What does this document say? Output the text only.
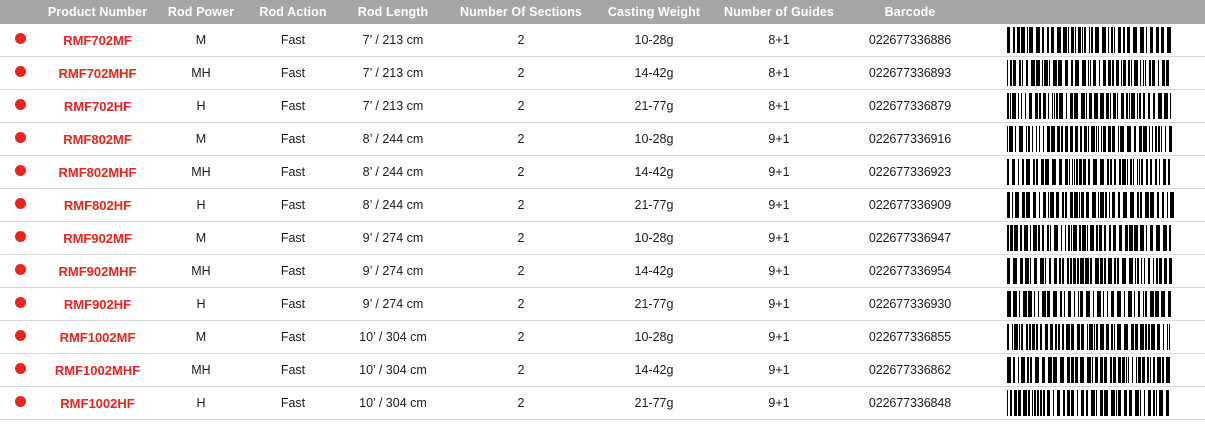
	Product Number	Rod Power	Rod Action	Rod Length	Number Of Sections	Casting Weight	Number of Guides	Barcode	
	RMF702MF	M	Fast	7’ / 213 cm	2	10-28g	8+1	022677336886	

	RMF702MHF	MH	Fast	7’ / 213 cm	2	14-42g	8+1	022677336893	

	RMF702HF	H	Fast	7’ / 213 cm	2	21-77g	8+1	022677336879	

	RMF802MF	M	Fast	8’ / 244 cm	2	10-28g	9+1	022677336916	

	RMF802MHF	MH	Fast	8’ / 244 cm	2	14-42g	9+1	022677336923	

	RMF802HF	H	Fast	8’ / 244 cm	2	21-77g	9+1	022677336909	

	RMF902MF	M	Fast	9’ / 274 cm	2	10-28g	9+1	022677336947	

	RMF902MHF	MH	Fast	9’ / 274 cm	2	14-42g	9+1	022677336954	

	RMF902HF	H	Fast	9’ / 274 cm	2	21-77g	9+1	022677336930	

	RMF1002MF	M	Fast	10’ / 304 cm	2	10-28g	9+1	022677336855	

	RMF1002MHF	MH	Fast	10’ / 304 cm	2	14-42g	9+1	022677336862	

	RMF1002HF	H	Fast	10’ / 304 cm	2	21-77g	9+1	022677336848	
